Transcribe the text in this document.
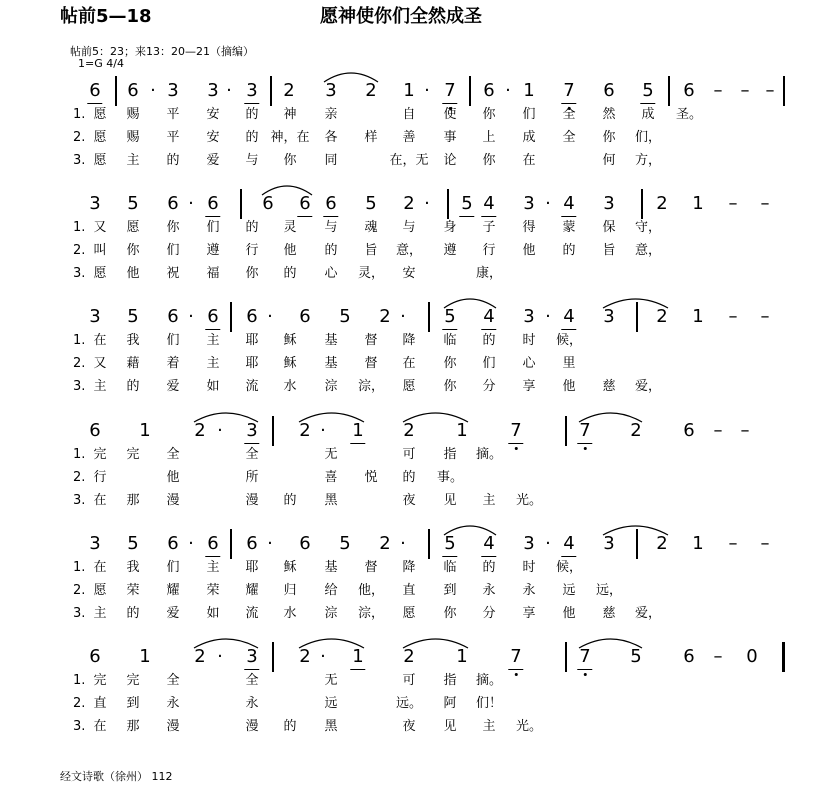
帖前5—18	愿神使你们全然成圣
帖前5：23；来13：20—21（摘编）
1=G 4/4
经文诗歌（徐州） 112
6 6 · 3 3 · 3 2 3 2 1 · 7 6 · 1 7 6 5 6 – – –
1. 愿 赐 平 安 的 神 亲	自 使 你 们 全 然 成 圣。
2. 愿 赐 平 安 的 神，在 各 样 善 事 上 成 全 你 们，
3. 愿 主 的 爱 与 你 同	在，无 论 你 在	何 方，
3 5 6 · 6 6 6 6 5 2 · 5 4 3 · 4 3 2 1 – –
1. 又 愿 你 们 的 灵 与 魂 与 身 子 得 蒙 保 守，
2. 叫 你 们 遵 行 他 的 旨 意， 遵 行 他 的 旨 意，
3. 愿 他 祝 福 你 的 心 灵， 安	康，
3 5 6 · 6 6 · 6 5 2 · 5 4 3 · 4 3 2 1 – –
1. 在 我 们 主 耶 稣 基 督 降 临 的 时 候，
2. 又 藉 着 主 耶 稣 基 督 在 你 们 心 里
3. 主 的 爱 如 流 水 淙 淙， 愿 你 分 享 他 慈 爱，
6 1 2 · 3 2 · 1 2 1 7	7 2 6 – –
1. 完 完 全	全	无	可 指 摘。
2. 行	他	所	喜 悦 的 事。
3. 在 那 漫	漫 的 黑	夜 见 主 光。
3 5 6 · 6 6 · 6 5 2 · 5 4 3 · 4 3 2 1 – –
1. 在 我 们 主 耶 稣 基 督 降 临 的 时 候，
2. 愿 荣 耀 荣 耀 归 给 他， 直 到 永 永 远 远，
3. 主 的 爱 如 流 水 淙 淙， 愿 你 分 享 他 慈 爱，
6 1 2 · 3 2 · 1 2 1 7	7 5 6 – 0
1. 完 完 全	全	无	可 指 摘。
2. 直 到 永	永	远	远。 阿 们！
3. 在 那 漫	漫 的 黑	夜 见 主 光。
